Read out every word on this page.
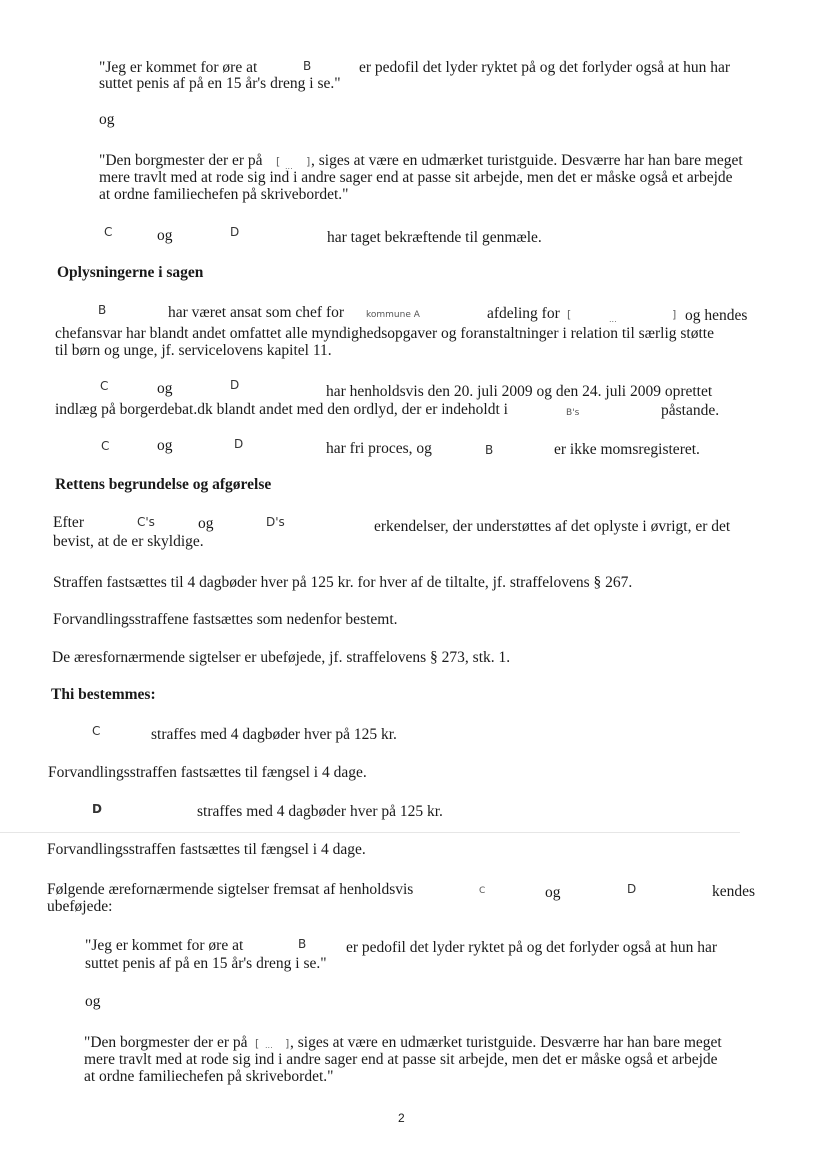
"Jeg er kommet for øre at	B	er pedofil det lyder ryktet på og det forlyder også at hun har
suttet penis af på en 15 år's dreng i se."
og
"Den borgmester der er på [ ... ] , siges at være en udmærket turistguide. Desværre har han bare meget
mere travlt med at rode sig ind i andre sager end at passe sit arbejde, men det er måske også et arbejde
at ordne familiechefen på skrivebordet."
C	og	D	har taget bekræftende til genmæle.
Oplysningerne i sagen
B	har været ansat som chef for kommune A	afdeling for [	...	] og hendes
chefansvar har blandt andet omfattet alle myndighedsopgaver og foranstaltninger i relation til særlig støtte
til børn og unge, jf. servicelovens kapitel 11.
C	og	D	har henholdsvis den 20. juli 2009 og den 24. juli 2009 oprettet
indlæg på borgerdebat.dk blandt andet med den ordlyd, der er indeholdt i	B's	påstande.
C	og	D	har fri proces, og	B	er ikke momsregisteret.
Rettens begrundelse og afgørelse
Efter	C's	og	D's	erkendelser, der understøttes af det oplyste i øvrigt, er det
bevist, at de er skyldige.
Straffen fastsættes til 4 dagbøder hver på 125 kr. for hver af de tiltalte, jf. straffelovens § 267.
Forvandlingsstraffene fastsættes som nedenfor bestemt.
De æresfornærmende sigtelser er ubeføjede, jf. straffelovens § 273, stk. 1.
Thi bestemmes:
C	straffes med 4 dagbøder hver på 125 kr.
Forvandlingsstraffen fastsættes til fængsel i 4 dage.
D	straffes med 4 dagbøder hver på 125 kr.
Forvandlingsstraffen fastsættes til fængsel i 4 dage.
Følgende ærefornærmende sigtelser fremsat af henholdsvis	C	og	D	kendes
ubeføjede:
"Jeg er kommet for øre at	B	er pedofil det lyder ryktet på og det forlyder også at hun har
suttet penis af på en 15 år's dreng i se."
og
"Den borgmester der er på [ ... ] , siges at være en udmærket turistguide. Desværre har han bare meget
mere travlt med at rode sig ind i andre sager end at passe sit arbejde, men det er måske også et arbejde
at ordne familiechefen på skrivebordet."
2
